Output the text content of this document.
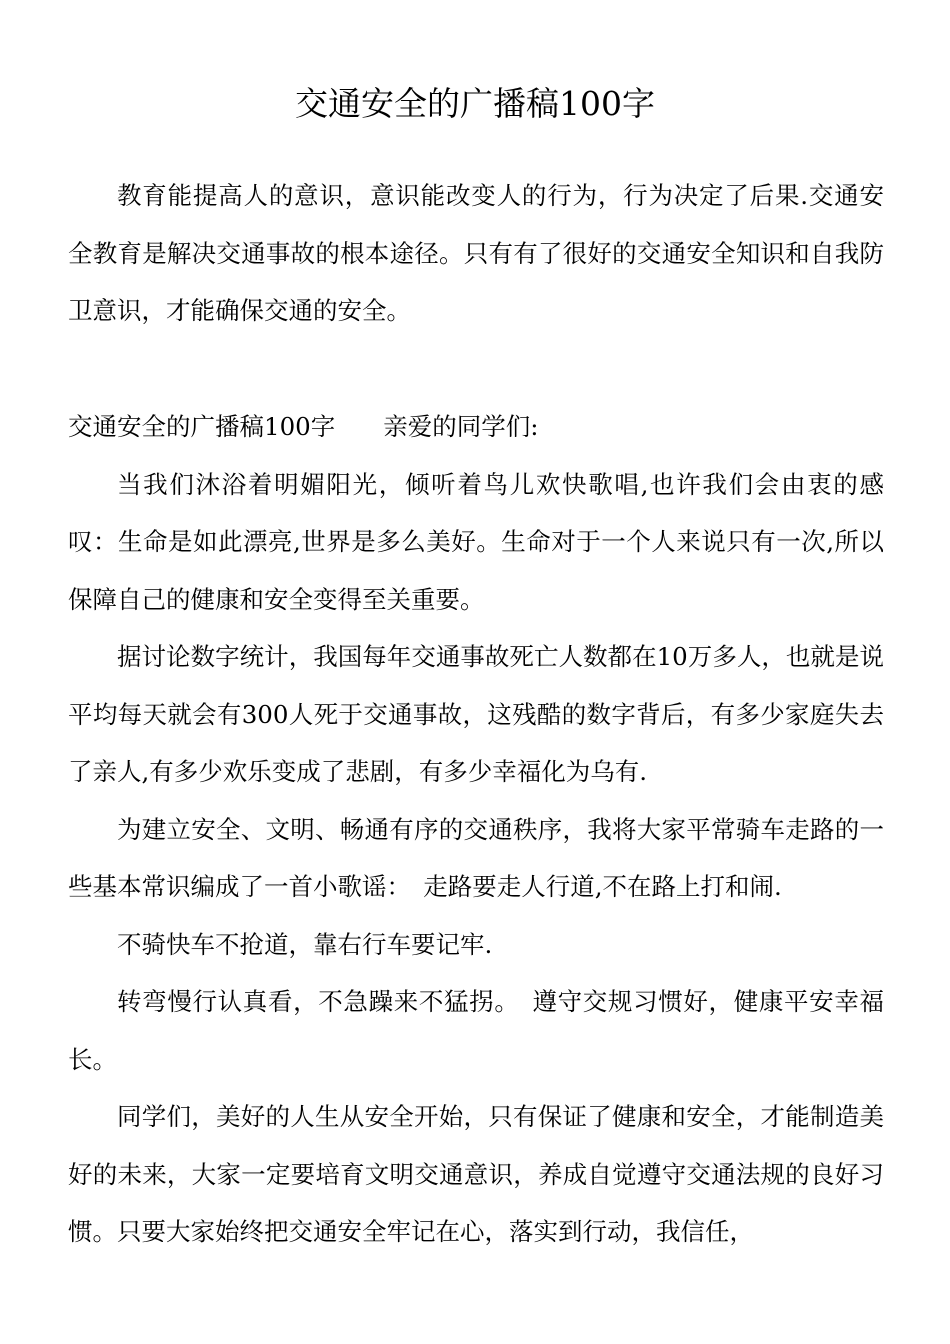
交通安全的广播稿100字

教育能提高人的意识，意识能改变人的行为，行为决定了后果.交通安全教育是解决交通事故的根本途径。只有有了很好的交通安全知识和自我防卫意识，才能确保交通的安全。

交通安全的广播稿100字 亲爱的同学们:

当我们沐浴着明媚阳光，倾听着鸟儿欢快歌唱,也许我们会由衷的感叹：生命是如此漂亮,世界是多么美好。生命对于一个人来说只有一次,所以保障自己的健康和安全变得至关重要。

据讨论数字统计，我国每年交通事故死亡人数都在10万多人，也就是说平均每天就会有300人死于交通事故，这残酷的数字背后，有多少家庭失去了亲人,有多少欢乐变成了悲剧，有多少幸福化为乌有.

为建立安全、文明、畅通有序的交通秩序，我将大家平常骑车走路的一些基本常识编成了一首小歌谣：　走路要走人行道,不在路上打和闹.

不骑快车不抢道，靠右行车要记牢.

转弯慢行认真看，不急躁来不猛拐。　遵守交规习惯好，健康平安幸福长。

同学们，美好的人生从安全开始，只有保证了健康和安全，才能制造美好的未来，大家一定要培育文明交通意识，养成自觉遵守交通法规的良好习惯。只要大家始终把交通安全牢记在心，落实到行动，我信任，
